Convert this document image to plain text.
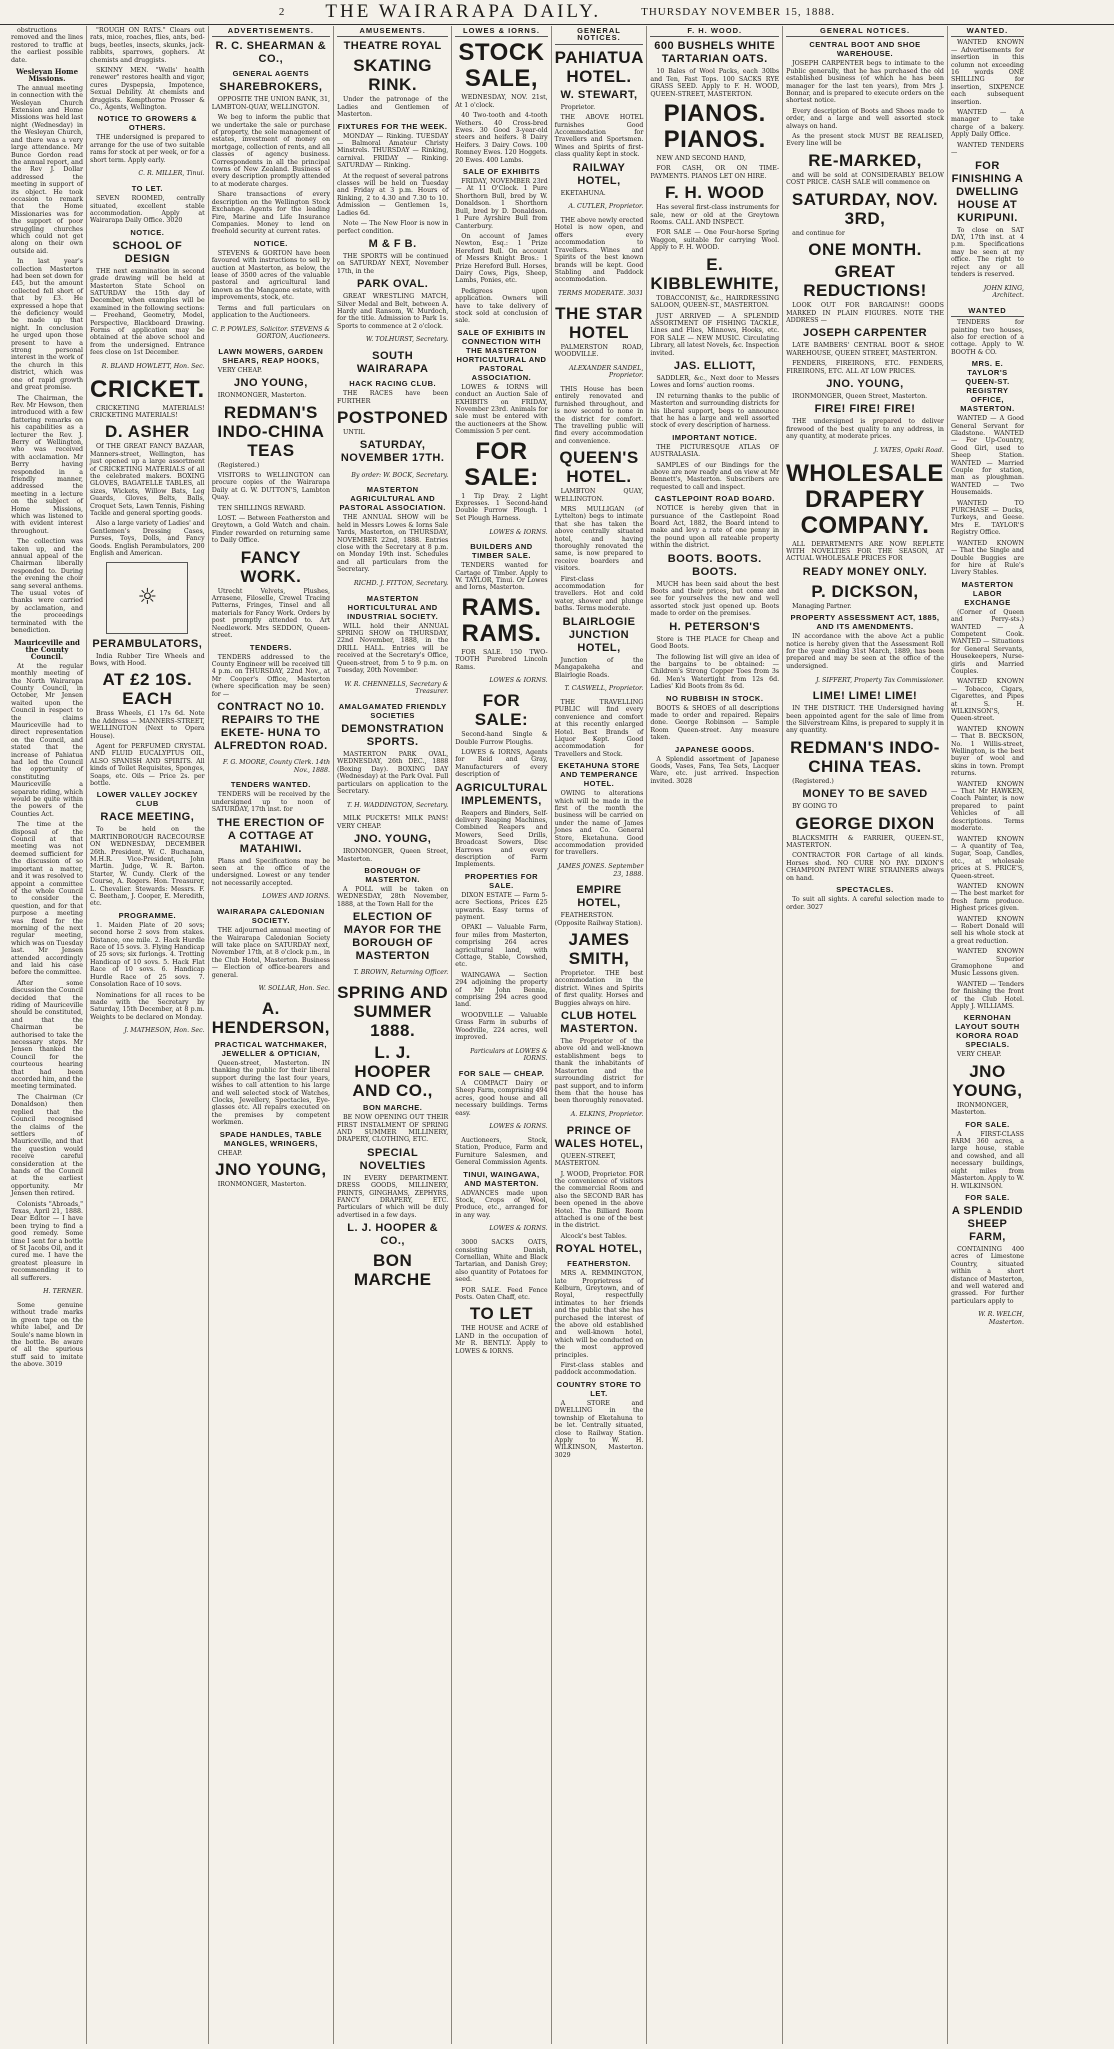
2 THE WAIRARAPA DAILY.	THURSDAY NOVEMBER 15, 1888.

obstructions removed and the lines restored to traffic at the earliest possible date.

Wesleyan Home Missions.

The annual meeting in connection with the Wesleyan Church Extension and Home Missions was held last night (Wednesday) in the Wesleyan Church, and there was a very large attendance. Mr Bunce Gordon read the annual report, and the Rev J. Dollar addressed the meeting in support of its object. He took occasion to remark that the Home Missionaries was for the support of poor struggling churches which could not get along on their own outside aid.

In last year's collection Masterton had been set down for £45, but the amount collected fell short of that by £3. He expressed a hope that the deficiency would be made up that night. In conclusion he urged upon those present to have a strong personal interest in the work of the church in this district, which was one of rapid growth and great promise.

The Chairman, the Rev. Mr Hewson, then introduced with a few flattering remarks on his capabilities as a lecturer the Rev. J. Berry of Wellington, who was received with acclamation. Mr Berry having responded in a friendly manner, addressed the meeting in a lecture on the subject of Home Missions, which was listened to with evident interest throughout.

The collection was taken up, and the annual appeal of the Chairman liberally responded to. During the evening the choir sang several anthems. The usual votes of thanks were carried by acclamation, and the proceedings terminated with the benediction.

Mauriceville and the County Council.

At the regular monthly meeting of the North Wairarapa County Council, in October, Mr Jensen waited upon the Council in respect to the claims Mauriceville had to direct representation on the Council, and stated that the increase of Pahiatua had led the Council the opportunity of constituting Mauriceville a separate riding, which would be quite within the powers of the Counties Act.

The time at the disposal of the Council at that meeting was not deemed sufficient for the discussion of so important a matter, and it was resolved to appoint a committee of the whole Council to consider the question, and for that purpose a meeting was fixed for the morning of the next regular meeting, which was on Tuesday last. Mr Jensen attended accordingly and laid his case before the committee.

After some discussion the Council decided that the riding of Mauriceville should be constituted, and that the Chairman be authorised to take the necessary steps. Mr Jensen thanked the Council for the courteous hearing that had been accorded him, and the meeting terminated.

The Chairman (Cr Donaldson) then replied that the Council recognised the claims of the settlers of Mauriceville, and that the question would receive careful consideration at the hands of the Council at the earliest opportunity. Mr Jensen then retired.

Colonists "Abroads," Texas, April 21, 1888. Dear Editor — I have been trying to find a good remedy. Some time I sent for a bottle of St Jacobs Oil, and it cured me. I have the greatest pleasure in recommending it to all sufferers.

H. TERNER.

Some genuine without trade marks in green tape on the white label, and Dr Soule's name blown in the bottle. Be aware of all the spurious stuff said to imitate the above. 3019

"ROUGH ON RATS." Clears out rats, mice, roaches, flies, ants, bed-bugs, beetles, insects, skunks, jack-rabbits, sparrows, gophers. At chemists and druggists.

SKINNY MEN. "Wells' health renewer" restores health and vigor, cures Dyspepsia, Impotence, Sexual Debility. At chemists and druggists. Kempthorne Prosser & Co., Agents, Wellington.

NOTICE TO GROWERS & OTHERS.

THE undersigned is prepared to arrange for the use of two suitable rams for stock at per week, or for a short term. Apply early.

C. R. MILLER, Tinui.

TO LET.

SEVEN ROOMED, centrally situated, excellent stable accommodation. Apply at Wairarapa Daily Office. 3020

NOTICE.
SCHOOL OF DESIGN

THE next examination in second grade drawing will be held at Masterton State School on SATURDAY the 15th day of December, when examples will be examined in the following sections: — Freehand, Geometry, Model, Perspective, Blackboard Drawing. Forms of application may be obtained at the above school and from the undersigned. Entrance fees close on 1st December.

R. BLAND HOWLETT, Hon. Sec.

CRICKET.

CRICKETING MATERIALS! CRICKETING MATERIALS!

D. ASHER

Of THE GREAT FANCY BAZAAR, Manners-street, Wellington, has just opened up a large assortment of CRICKETING MATERIALS of all the celebrated makers. BOXING GLOVES, BAGATELLE TABLES, all sizes, Wickets, Willow Bats, Leg Guards, Gloves, Belts, Balls, Croquet Sets, Lawn Tennis, Fishing Tackle and general sporting goods.

Also a large variety of Ladies' and Gentlemen's Dressing Cases, Purses, Toys, Dolls, and Fancy Goods. English Perambulators, 200 English and American.

☼
PERAMBULATORS,

India Rubber Tire Wheels and Bows, with Hood.

AT £2 10S. EACH

Brass Wheels, £1 17s 6d. Note the Address — MANNERS-STREET, WELLINGTON (Next to Opera House).

Agent for PERFUMED CRYSTAL AND FLUID EUCALYPTUS OIL, ALSO SPANISH AND SPIRITS. All kinds of Toilet Requisites, Sponges, Soaps, etc. Oils — Price 2s. per bottle.

LOWER VALLEY JOCKEY CLUB
RACE MEETING,

To be held on the MARTINBOROUGH RACECOURSE ON WEDNESDAY, DECEMBER 26th. President, W. C. Buchanan, M.H.R. Vice-President, John Martin. Judge, W. R. Barton. Starter, W. Cundy. Clerk of the Course, A. Rogers. Hon. Treasurer, L. Chevalier. Stewards: Messrs. F. C. Beetham, J. Cooper, E. Meredith, etc.

PROGRAMME.

1. Maiden Plate of 20 sovs; second horse 2 sovs from stakes. Distance, one mile. 2. Hack Hurdle Race of 15 sovs. 3. Flying Handicap of 25 sovs; six furlongs. 4. Trotting Handicap of 10 sovs. 5. Hack Flat Race of 10 sovs. 6. Handicap Hurdle Race of 25 sovs. 7. Consolation Race of 10 sovs.

Nominations for all races to be made with the Secretary by Saturday, 15th December, at 8 p.m. Weights to be declared on Monday.

J. MATHESON, Hon. Sec.

ADVERTISEMENTS.
R. C. SHEARMAN & CO.,
GENERAL AGENTS
SHAREBROKERS,

OPPOSITE THE UNION BANK, 31, LAMBTON-QUAY, WELLINGTON.

We beg to inform the public that we undertake the sale or purchase of property, the sole management of estates, investment of money on mortgage, collection of rents, and all classes of agency business. Correspondents in all the principal towns of New Zealand. Business of every description promptly attended to at moderate charges.

Share transactions of every description on the Wellington Stock Exchange. Agents for the leading Fire, Marine and Life Insurance Companies. Money to lend on freehold security at current rates.

NOTICE.

STEVENS & GORTON have been favoured with instructions to sell by auction at Masterton, as below, the lease of 3500 acres of the valuable pastoral and agricultural land known as the Mangaone estate, with improvements, stock, etc.

Terms and full particulars on application to the Auctioneers.

C. P. POWLES, Solicitor. STEVENS & GORTON, Auctioneers.

LAWN MOWERS, GARDEN SHEARS, REAP HOOKS,

VERY CHEAP.

JNO YOUNG,

IRONMONGER, Masterton.

REDMAN'S INDO-CHINA TEAS

(Registered.)

VISITORS to WELLINGTON can procure copies of the Wairarapa Daily at G. W. DUTTON'S, Lambton Quay.

TEN SHILLINGS REWARD.

LOST. — Between Featherston and Greytown, a Gold Watch and chain. Finder rewarded on returning same to Daily Office.

FANCY WORK.

Utrecht Velvets, Plushes, Arrasene, Filoselle, Crewel Tracing Patterns, Fringes, Tinsel and all materials for Fancy Work. Orders by post promptly attended to. Art Needlework. Mrs SEDDON, Queen-street.

TENDERS.

TENDERS addressed to the County Engineer will be received till 4 p.m. on THURSDAY, 22nd Nov., at Mr Cooper's Office, Masterton (where specification may be seen) for —

CONTRACT NO 10. REPAIRS TO THE EKETE- HUNA TO ALFREDTON ROAD.

F. G. MOORE, County Clerk. 14th Nov., 1888.

TENDERS WANTED.

TENDERS will be received by the undersigned up to noon of SATURDAY, 17th inst. for

THE ERECTION OF A COTTAGE AT MATAHIWI.

Plans and Specifications may be seen at the office of the undersigned. Lowest or any tender not necessarily accepted.

LOWES AND IORNS.

WAIRARAPA CALEDONIAN SOCIETY.

THE adjourned annual meeting of the Wairarapa Caledonian Society will take place on SATURDAY next, November 17th, at 8 o'clock p.m., in the Club Hotel, Masterton. Business — Election of office-bearers and general.

W. SOLLAR, Hon. Sec.

A. HENDERSON,
PRACTICAL WATCHMAKER, JEWELLER & OPTICIAN,

Queen-street, Masterton. IN thanking the public for their liberal support during the last four years, wishes to call attention to his large and well selected stock of Watches, Clocks, Jewellery, Spectacles, Eye-glasses etc. All repairs executed on the premises by competent workmen.

SPADE HANDLES, TABLE MANGLES, WRINGERS,

CHEAP.

JNO YOUNG,

IRONMONGER, Masterton.

AMUSEMENTS.
THEATRE ROYAL
SKATING RINK.

Under the patronage of the Ladies and Gentlemen of Masterton.

FIXTURES FOR THE WEEK.

MONDAY — Rinking. TUESDAY — Balmoral Amateur Christy Minstrels. THURSDAY — Rinking, carnival. FRIDAY — Rinking. SATURDAY — Rinking.

At the request of several patrons classes will be held on Tuesday and Friday at 3 p.m. Hours of Rinking, 2 to 4.30 and 7.30 to 10. Admission — Gentlemen 1s, Ladies 6d.

Note — The New Floor is now in perfect condition.

M & F B.

THE SPORTS will be continued on SATURDAY NEXT, November 17th, in the

PARK OVAL.

GREAT WRESTLING MATCH, Silver Medal and Belt, between A. Hardy and Ransom, W. Murdoch, for the title. Admission to Park 1s. Sports to commence at 2 o'clock.

W. TOLHURST, Secretary.

SOUTH WAIRARAPA
HACK RACING CLUB.

THE RACES have been FURTHER

POSTPONED

UNTIL

SATURDAY, NOVEMBER 17TH.

By order: W. BOCK, Secretary.

MASTERTON AGRICULTURAL AND PASTORAL ASSOCIATION.

THE ANNUAL SHOW will be held in Messrs Lowes & Iorns Sale Yards, Masterton, on THURSDAY, NOVEMBER 22nd, 1888. Entries close with the Secretary at 8 p.m. on Monday 19th inst. Schedules and all particulars from the Secretary.

RICHD. J. FITTON, Secretary.

MASTERTON HORTICULTURAL AND INDUSTRIAL SOCIETY.

WILL hold their ANNUAL SPRING SHOW on THURSDAY, 22nd November, 1888, in the DRILL HALL. Entries will be received at the Secretary's Office, Queen-street, from 5 to 9 p.m. on Tuesday, 20th November.

W. R. CHENNELLS, Secretary & Treasurer.

AMALGAMATED FRIENDLY SOCIETIES
DEMONSTRATION SPORTS.

MASTERTON PARK OVAL, WEDNESDAY, 26th DEC., 1888 (Boxing Day). BOXING DAY (Wednesday) at the Park Oval. Full particulars on application to the Secretary.

T. H. WADDINGTON, Secretary.

MILK PUCKETS! MILK PANS! VERY CHEAP.

JNO. YOUNG,

IRONMONGER, Queen Street, Masterton.

BOROUGH OF MASTERTON.

A POLL will be taken on WEDNESDAY, 28th November, 1888, at the Town Hall for the

ELECTION OF MAYOR FOR THE BOROUGH OF MASTERTON

T. BROWN, Returning Officer.

SPRING AND SUMMER 1888.
L. J. HOOPER AND CO.,
BON MARCHE.

BE NOW OPENING OUT THEIR FIRST INSTALMENT OF SPRING AND SUMMER MILLINERY, DRAPERY, CLOTHING, ETC.

SPECIAL NOVELTIES

IN EVERY DEPARTMENT. DRESS GOODS, MILLINERY, PRINTS, GINGHAMS, ZEPHYRS, FANCY DRAPERY, ETC. Particulars of which will be duly advertised in a few days.

L. J. HOOPER & CO.,
BON MARCHE
LOWES & IORNS.
STOCK SALE,

WEDNESDAY, NOV. 21st, At 1 o'clock.

40 Two-tooth and 4-tooth Wethers. 40 Cross-bred Ewes. 30 Good 3-year-old steers and heifers. 8 Dairy Heifers. 3 Dairy Cows. 100 Romney Ewes. 120 Hoggets. 20 Ewes. 400 Lambs.

SALE OF EXHIBITS

FRIDAY, NOVEMBER 23rd — At 11 O'Clock. 1 Pure Shorthorn Bull, bred by W. Donaldson. 1 Shorthorn Bull, bred by D. Donaldson. 1 Pure Ayrshire Bull from Canterbury.

On account of James Newton, Esq.: 1 Prize Hereford Bull. On account of Messrs Knight Bros.: 1 Prize Hereford Bull. Horses, Dairy Cows, Pigs, Sheep, Lambs, Ponies, etc.

Pedigrees upon application. Owners will have to take delivery of stock sold at conclusion of sale.

SALE OF EXHIBITS IN CONNECTION WITH THE MASTERTON HORTICULTURAL AND PASTORAL ASSOCIATION.

LOWES & IORNS will conduct an Auction Sale of EXHIBITS on FRIDAY, November 23rd. Animals for sale must be entered with the auctioneers at the Show. Commission 5 per cent.

FOR SALE:

1 Tip Dray. 2 Light Expresses. 1 Second-hand Double Furrow Plough. 1 Set Plough Harness.

LOWES & IORNS.

BUILDERS AND TIMBER SALE.

TENDERS wanted for Cartage of Timber. Apply to W. TAYLOR, Tinui. Or Lowes and Iorns, Masterton.

RAMS. RAMS.

FOR SALE. 150 TWO-TOOTH Purebred Lincoln Rams.

LOWES & IORNS.

FOR SALE:

Second-hand Single & Double Furrow Ploughs.

LOWES & IORNS, Agents for Reid and Gray, Manufacturers of every description of

AGRICULTURAL IMPLEMENTS,

Reapers and Binders, Self-delivery Reaping Machines, Combined Reapers and Mowers, Seed Drills, Broadcast Sowers, Disc Harrows and every description of Farm Implements.

PROPERTIES FOR SALE.

DIXON ESTATE — Farm 5-acre Sections, Prices £25 upwards. Easy terms of payment.

OPAKI — Valuable Farm, four miles from Masterton, comprising 264 acres agricultural land, with Cottage, Stable, Cowshed, etc.

WAINGAWA — Section 294 adjoining the property of Mr John Bennie, comprising 294 acres good land.

WOODVILLE — Valuable Grass Farm in suburbs of Woodville, 224 acres, well improved.

Particulars at LOWES & IORNS.

FOR SALE — CHEAP.

A COMPACT Dairy or Sheep Farm, comprising 494 acres, good house and all necessary buildings. Terms easy.

LOWES & IORNS.

Auctioneers, Stock, Station, Produce, Farm and Furniture Salesmen, and General Commission Agents.

TINUI, WAINGAWA, AND MASTERTON.

ADVANCES made upon Stock, Crops of Wool, Produce, etc., arranged for in any way.

LOWES & IORNS.

3000 SACKS OATS, consisting Danish, Cornellian, White and Black Tartarian, and Danish Grey; also quantity of Potatoes for seed.

FOR SALE. Feed Fence Posts. Oaten Chaff, etc.

TO LET

THE HOUSE and ACRE of LAND in the occupation of Mr R. BENTLY. Apply to LOWES & IORNS.

GENERAL NOTICES.
PAHIATUA HOTEL.
W. STEWART,

Proprietor.

THE ABOVE HOTEL furnishes Good Accommodation for Travellers and Sportsmen. Wines and Spirits of first-class quality kept in stock.

RAILWAY HOTEL,

EKETAHUNA.

A. CUTLER, Proprietor.

THE above newly erected Hotel is now open, and offers every accommodation to Travellers. Wines and Spirits of the best known brands will be kept. Good Stabling and Paddock accommodation.

TERMS MODERATE. 3031

THE STAR HOTEL

PALMERSTON ROAD, WOODVILLE.

ALEXANDER SANDEL, Proprietor.

THIS House has been entirely renovated and furnished throughout, and is now second to none in the district for comfort. The travelling public will find every accommodation and convenience.

QUEEN'S HOTEL.

LAMBTON QUAY, WELLINGTON.

MRS MULLIGAN (of Lyttelton) begs to intimate that she has taken the above centrally situated hotel, and having thoroughly renovated the same, is now prepared to receive boarders and visitors.

First-class accommodation for travellers. Hot and cold water, shower and plunge baths. Terms moderate.

BLAIRLOGIE JUNCTION HOTEL,

Junction of the Mangapakeha and Blairlogie Roads.

T. CASWELL, Proprietor.

THE TRAVELLING PUBLIC will find every convenience and comfort at this recently enlarged Hotel. Best Brands of Liquor Kept. Good accommodation for Travellers and Stock.

EKETAHUNA STORE AND TEMPERANCE HOTEL.

OWING to alterations which will be made in the first of the month the business will be carried on under the name of James Jones and Co. General Store, Eketahuna. Good accommodation provided for travellers.

JAMES JONES. September 23, 1888.

EMPIRE HOTEL,

FEATHERSTON. (Opposite Railway Station).

JAMES SMITH,

Proprietor. THE best accommodation in the district. Wines and Spirits of first quality. Horses and Buggies always on hire.

CLUB HOTEL MASTERTON.

The Proprietor of the above old and well-known establishment begs to thank the inhabitants of Masterton and the surrounding district for past support, and to inform them that the house has been thoroughly renovated.

A. ELKINS, Proprietor.

PRINCE OF WALES HOTEL,

QUEEN-STREET, MASTERTON.

J. WOOD, Proprietor. FOR the convenience of visitors the commercial Room and also the SECOND BAR has been opened in the above Hotel. The Billiard Room attached is one of the best in the district.

Alcock's best Tables.

ROYAL HOTEL,
FEATHERSTON.

MRS A. REMMINGTON, late Proprietress of Kelburn, Greytown, and of Royal, respectfully intimates to her friends and the public that she has purchased the interest of the above old established and well-known hotel, which will be conducted on the most approved principles.

First-class stables and paddock accommodation.

COUNTRY STORE TO LET.

A STORE and DWELLING in the township of Eketahuna to be let. Centrally situated, close to Railway Station. Apply to W. H. WILKINSON, Masterton. 3029

F. H. WOOD.
600 BUSHELS WHITE TARTARIAN OATS.

10 Bales of Wool Packs, each 30lbs and Ten, Fast Tops. 100 SACKS RYE GRASS SEED. Apply to F. H. WOOD, QUEEN-STREET, MASTERTON.

PIANOS. PIANOS.

NEW AND SECOND HAND,

FOR CASH, OR ON TIME-PAYMENTS. PIANOS LET ON HIRE.

F. H. WOOD

Has several first-class instruments for sale, new or old at the Greytown Rooms. CALL AND INSPECT.

FOR SALE — One Four-horse Spring Waggon, suitable for carrying Wool. Apply to F. H. WOOD.

E. KIBBLEWHITE,

TOBACCONIST, &c., HAIRDRESSING SALOON, QUEEN-ST., MASTERTON.

JUST ARRIVED — A SPLENDID ASSORTMENT OF FISHING TACKLE, Lines and Flies, Minnows, Hooks, etc. FOR SALE — NEW MUSIC. Circulating Library, all latest Novels, &c. Inspection invited.

JAS. ELLIOTT,

SADDLER, &c., Next door to Messrs Lowes and Iorns' auction rooms.

IN returning thanks to the public of Masterton and surrounding districts for his liberal support, begs to announce that he has a large and well assorted stock of every description of harness.

IMPORTANT NOTICE.

THE PICTURESQUE ATLAS OF AUSTRALASIA.

SAMPLES of our Bindings for the above are now ready and on view at Mr Bennett's, Masterton. Subscribers are requested to call and inspect.

CASTLEPOINT ROAD BOARD.

NOTICE is hereby given that in pursuance of the Castlepoint Road Board Act, 1882, the Board intend to make and levy a rate of one penny in the pound upon all rateable property within the district.

BOOTS. BOOTS. BOOTS.

MUCH has been said about the best Boots and their prices, but come and see for yourselves the new and well assorted stock just opened up. Boots made to order on the premises.

H. PETERSON'S

Store is THE PLACE for Cheap and Good Boots.

The following list will give an idea of the bargains to be obtained: — Children's Strong Copper Toes from 3s 6d. Men's Watertight from 12s 6d. Ladies' Kid Boots from 8s 6d.

NO RUBBISH IN STOCK.

BOOTS & SHOES of all descriptions made to order and repaired. Repairs done. George Robinson — Sample Room Queen-street. Any measure taken.

JAPANESE GOODS.

A Splendid assortment of Japanese Goods, Vases, Fans, Tea Sets, Lacquer Ware, etc. just arrived. Inspection invited. 3028

GENERAL NOTICES.
CENTRAL BOOT AND SHOE WAREHOUSE.

JOSEPH CARPENTER begs to intimate to the Public generally, that he has purchased the old established business (of which he has been manager for the last ten years), from Mrs J. Bonnar, and is prepared to execute orders on the shortest notice.

Every description of Boots and Shoes made to order, and a large and well assorted stock always on hand.

As the present stock MUST BE REALISED, Every line will be

RE-MARKED,

and will be sold at CONSIDERABLY BELOW COST PRICE. CASH SALE will commence on

SATURDAY, NOV. 3RD,

and continue for

ONE MONTH.
GREAT REDUCTIONS!

LOOK OUT FOR BARGAINS!! GOODS MARKED IN PLAIN FIGURES. NOTE THE ADDRESS —

JOSEPH CARPENTER

LATE BAMBERS' CENTRAL BOOT & SHOE WAREHOUSE, QUEEN STREET, MASTERTON.

FENDERS, FIREIRONS, ETC. FENDERS, FIREIRONS, ETC. ALL AT LOW PRICES.

JNO. YOUNG,

IRONMONGER, Queen Street, Masterton.

FIRE! FIRE! FIRE!

THE undersigned is prepared to deliver firewood of the best quality to any address, in any quantity, at moderate prices.

J. YATES, Opaki Road.

WHOLESALE DRAPERY COMPANY.

ALL DEPARTMENTS ARE NOW REPLETE WITH NOVELTIES FOR THE SEASON, AT ACTUAL WHOLESALE PRICES FOR

READY MONEY ONLY.
P. DICKSON,

Managing Partner.

PROPERTY ASSESSMENT ACT, 1885, AND ITS AMENDMENTS.

IN accordance with the above Act a public notice is hereby given that the Assessment Roll for the year ending 31st March, 1889, has been prepared and may be seen at the office of the undersigned.

J. SIFFERT, Property Tax Commissioner.

LIME! LIME! LIME!

IN THE DISTRICT. THE Undersigned having been appointed agent for the sale of lime from the Silverstream Kilns, is prepared to supply it in any quantity.

REDMAN'S INDO-CHINA TEAS.

(Registered.)

MONEY TO BE SAVED

BY GOING TO

GEORGE DIXON

BLACKSMITH & FARRIER, QUEEN-ST., MASTERTON.

CONTRACTOR FOR Cartage of all kinds. Horses shod. NO CURE NO PAY. DIXON'S CHAMPION PATENT WIRE STRAINERS always on hand.

SPECTACLES.

To suit all sights. A careful selection made to order. 3027

WANTED.

WANTED KNOWN — Advertisements for insertion in this column not exceeding 16 words ONE SHILLING for insertion, SIXPENCE each subsequent insertion.

WANTED — A manager to take charge of a bakery. Apply Daily Office.

WANTED TENDERS —

FOR FINISHING A DWELLING HOUSE AT KURIPUNI.

To close on SAT DAY, 17th inst. at 4 p.m. Specifications may be seen at my office. The right to reject any or all tenders is reserved.

JOHN KING, Architect.

WANTED

TENDERS for painting two houses, also for erection of a cottage. Apply to W. BOOTH & CO.

MRS. E. TAYLOR'S QUEEN-ST. REGISTRY OFFICE, MASTERTON.

WANTED — A Good General Servant for Gladstone. WANTED — For Up-Country, Good Girl, used to Sheep Station. WANTED — Married Couple for station, man as ploughman. WANTED — Two Housemaids.

WANTED TO PURCHASE — Ducks, Turkeys, and Geese. Mrs E. TAYLOR'S Registry Office.

WANTED KNOWN — That the Single and Double Buggies are for hire at Rule's Livery Stables.

MASTERTON LABOR EXCHANGE

(Corner of Queen and Perry-sts.) WANTED — A Competent Cook. WANTED — Situations for General Servants, Housekeepers, Nurse-girls and Married Couples.

WANTED KNOWN — Tobacco, Cigars, Cigarettes, and Pipes at S. H. WILKINSON'S, Queen-street.

WANTED KNOWN — That B. BECKSON, No. 1 Willis-street, Wellington, is the best buyer of wool and skins in town. Prompt returns.

WANTED KNOWN — That Mr HAWKEN, Coach Painter, is now prepared to paint Vehicles of all descriptions. Terms moderate.

WANTED KNOWN — A quantity of Tea, Sugar, Soap, Candles, etc., at wholesale prices at S. PRICE'S, Queen-street.

WANTED KNOWN — The best market for fresh farm produce. Highest prices given.

WANTED KNOWN — Robert Donald will sell his whole stock at a great reduction.

WANTED KNOWN — Superior Gramophone and Music Lessons given.

WANTED — Tenders for finishing the front of the Club Hotel. Apply J. WILLIAMS.

KERNOHAN LAYOUT SOUTH KORORA ROAD SPECIALS.

VERY CHEAP.

JNO YOUNG,

IRONMONGER, Masterton.

FOR SALE.

A FIRST-CLASS FARM 360 acres, a large house, stable and cowshed, and all necessary buildings, eight miles from Masterton. Apply to W. H. WILKINSON.

FOR SALE.
A SPLENDID SHEEP FARM,

CONTAINING 400 acres of Limestone Country, situated within a short distance of Masterton, and well watered and grassed. For further particulars apply to

W. R. WELCH, Masterton.
